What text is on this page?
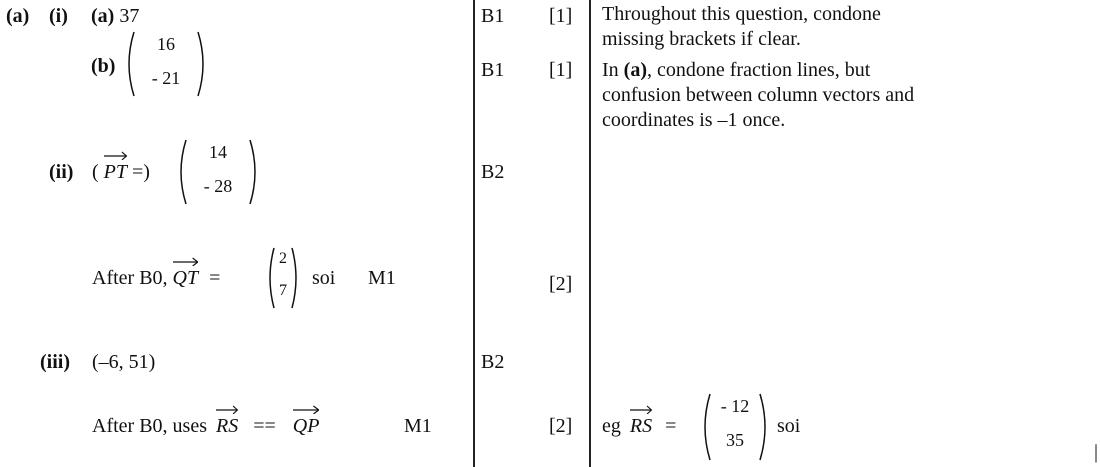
(a) (i) (a) 37
(b)
16
- 21
(ii) ( PT =)
14
- 28
After B0, QT =
2
7
soi M1
(iii) (–6, 51)
After B0, uses RS == QP	M1
B1
B1
B2
B2
[1]
[1]
[2]
[2]
Throughout this question, condone
missing brackets if clear.
In (a), condone fraction lines, but
confusion between column vectors and
coordinates is –1 once.
eg RS =
- 12
35
soi
|
